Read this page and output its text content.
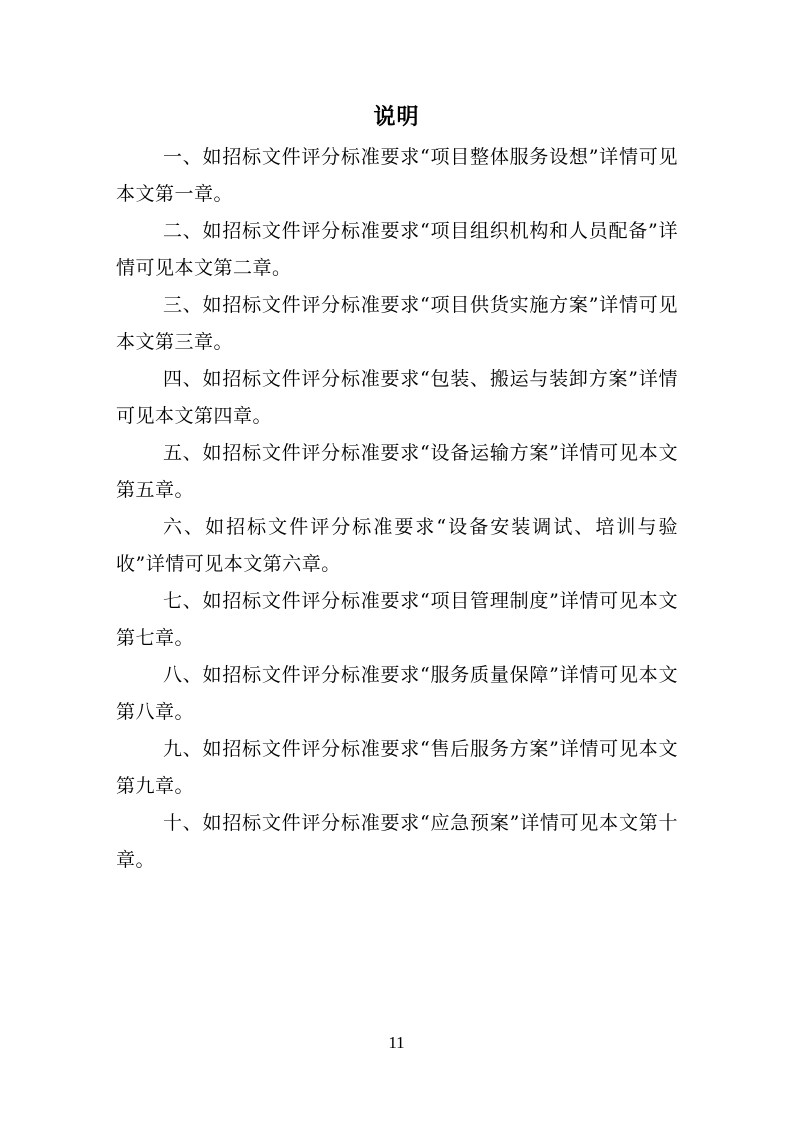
说明

一、如招标文件评分标准要求“项目整体服务设想”详情可见本文第一章。

二、如招标文件评分标准要求“项目组织机构和人员配备”详情可见本文第二章。

三、如招标文件评分标准要求“项目供货实施方案”详情可见本文第三章。

四、如招标文件评分标准要求“包装、搬运与装卸方案”详情可见本文第四章。

五、如招标文件评分标准要求“设备运输方案”详情可见本文第五章。

六、如招标文件评分标准要求“设备安装调试、培训与验收”详情可见本文第六章。

七、如招标文件评分标准要求“项目管理制度”详情可见本文第七章。

八、如招标文件评分标准要求“服务质量保障”详情可见本文第八章。

九、如招标文件评分标准要求“售后服务方案”详情可见本文第九章。

十、如招标文件评分标准要求“应急预案”详情可见本文第十章。

11
